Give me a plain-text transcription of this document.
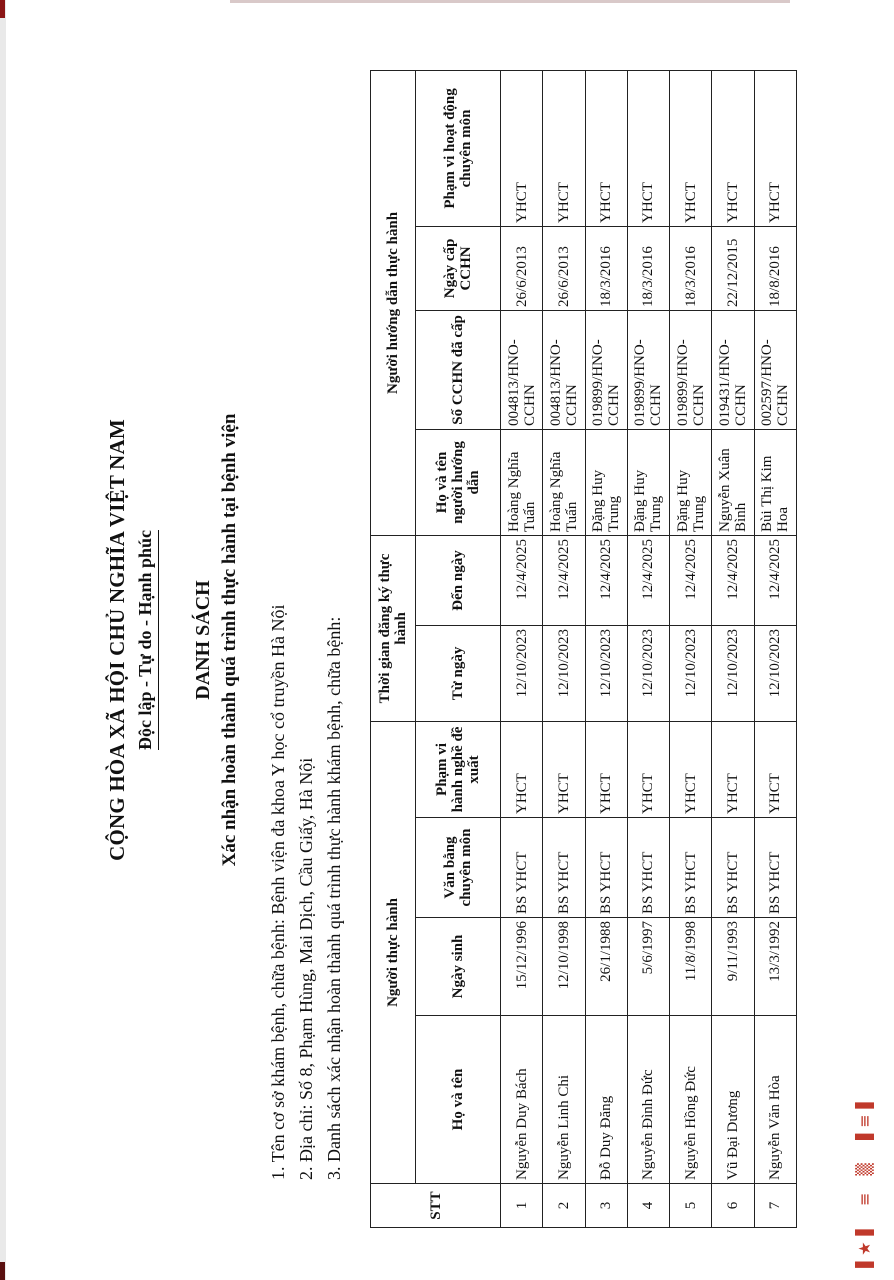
CỘNG HÒA XÃ HỘI CHỦ NGHĨA VIỆT NAM Độc lập - Tự do - Hạnh phúc DANH SÁCH Xác nhận hoàn thành quá trình thực hành tại bệnh viện 1. Tên cơ sở khám bệnh, chữa bệnh: Bệnh viện đa khoa Y học cổ truyền Hà Nội 2. Địa chỉ: Số 8, Phạm Hùng, Mai Dịch, Cầu Giấy, Hà Nội 3. Danh sách xác nhận hoàn thành quá trình thực hành khám bệnh, chữa bệnh:
STT	Người thực hành				Thời gian đăng ký thực hành		Người hướng dẫn thực hành			
	Họ và tên	Ngày sinh	Văn bằng chuyên môn	Phạm vi hành nghề đề xuất	Từ ngày	Đến ngày	Họ và tên người hướng dẫn	Số CCHN đã cấp	Ngày cấp CCHN	Phạm vi hoạt động chuyên môn
1	Nguyễn Duy Bách	15/12/1996	BS YHCT	YHCT	12/10/2023	12/4/2025	Hoàng Nghĩa Tuấn	004813/HNO-CCHN	26/6/2013	YHCT
2	Nguyễn Linh Chi	12/10/1998	BS YHCT	YHCT	12/10/2023	12/4/2025	Hoàng Nghĩa Tuấn	004813/HNO-CCHN	26/6/2013	YHCT
3	Đỗ Duy Đăng	26/1/1988	BS YHCT	YHCT	12/10/2023	12/4/2025	Đặng Huy Trung	019899/HNO-CCHN	18/3/2016	YHCT
4	Nguyễn Đình Đức	5/6/1997	BS YHCT	YHCT	12/10/2023	12/4/2025	Đặng Huy Trung	019899/HNO-CCHN	18/3/2016	YHCT
5	Nguyễn Hồng Đức	11/8/1998	BS YHCT	YHCT	12/10/2023	12/4/2025	Đặng Huy Trung	019899/HNO-CCHN	18/3/2016	YHCT
6	Vũ Đại Dương	9/11/1993	BS YHCT	YHCT	12/10/2023	12/4/2025	Nguyễn Xuân Bình	019431/HNO-CCHN	22/12/2015	YHCT
7	Nguyễn Văn Hòa	13/3/1992	BS YHCT	YHCT	12/10/2023	12/4/2025	Bùi Thị Kim Hoa	002597/HNO-CCHN	18/8/2016	YHCT
▐★▌ ≡ ▒ ▐≡▌
